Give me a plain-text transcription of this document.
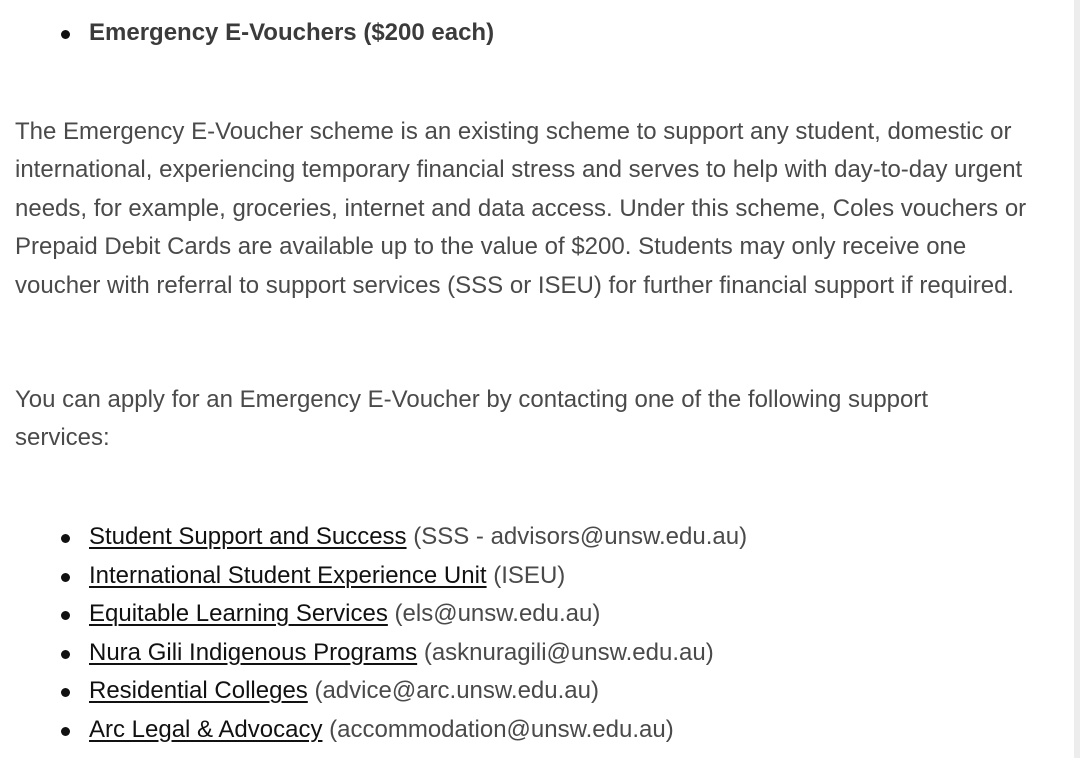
Emergency E-Vouchers ($200 each)

The Emergency E-Voucher scheme is an existing scheme to support any student, domestic or international, experiencing temporary financial stress and serves to help with day-to-day urgent needs, for example, groceries, internet and data access. Under this scheme, Coles vouchers or Prepaid Debit Cards are available up to the value of $200. Students may only receive one voucher with referral to support services (SSS or ISEU) for further financial support if required.

You can apply for an Emergency E-Voucher by contacting one of the following support services:

Student Support and Success (SSS - advisors@unsw.edu.au)
International Student Experience Unit (ISEU)
Equitable Learning Services (els@unsw.edu.au)
Nura Gili Indigenous Programs (asknuragili@unsw.edu.au)
Residential Colleges (advice@arc.unsw.edu.au)
Arc Legal & Advocacy (accommodation@unsw.edu.au)
